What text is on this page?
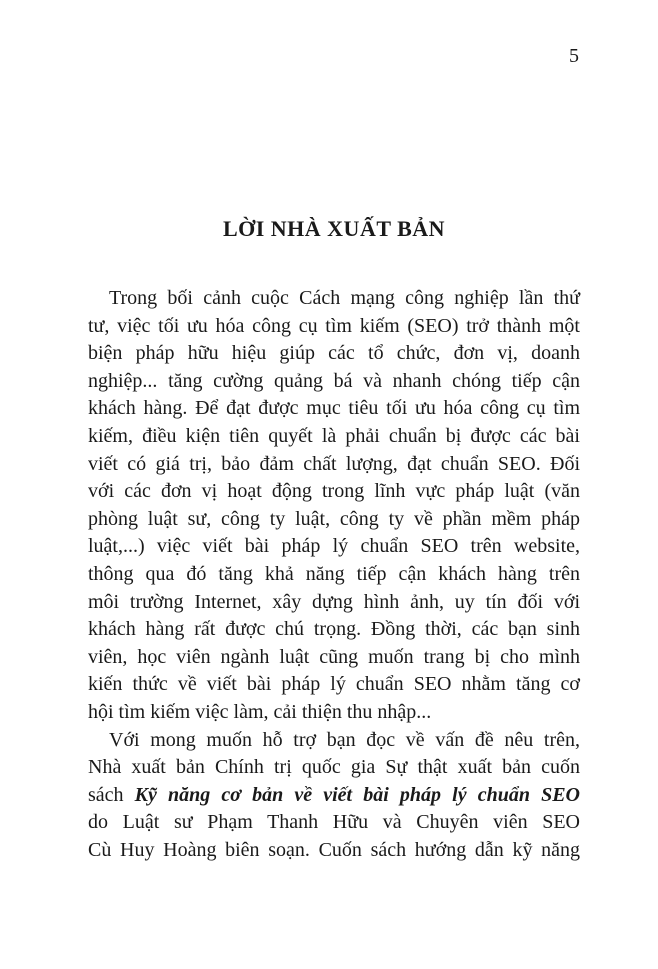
5
LỜI NHÀ XUẤT BẢN
Trong bối cảnh cuộc Cách mạng công nghiệp lần thứ
tư, việc tối ưu hóa công cụ tìm kiếm (SEO) trở thành một
biện pháp hữu hiệu giúp các tổ chức, đơn vị, doanh
nghiệp... tăng cường quảng bá và nhanh chóng tiếp cận
khách hàng. Để đạt được mục tiêu tối ưu hóa công cụ tìm
kiếm, điều kiện tiên quyết là phải chuẩn bị được các bài
viết có giá trị, bảo đảm chất lượng, đạt chuẩn SEO. Đối
với các đơn vị hoạt động trong lĩnh vực pháp luật (văn
phòng luật sư, công ty luật, công ty về phần mềm pháp
luật,...) việc viết bài pháp lý chuẩn SEO trên website,
thông qua đó tăng khả năng tiếp cận khách hàng trên
môi trường Internet, xây dựng hình ảnh, uy tín đối với
khách hàng rất được chú trọng. Đồng thời, các bạn sinh
viên, học viên ngành luật cũng muốn trang bị cho mình
kiến thức về viết bài pháp lý chuẩn SEO nhằm tăng cơ
hội tìm kiếm việc làm, cải thiện thu nhập...
Với mong muốn hỗ trợ bạn đọc về vấn đề nêu trên,
Nhà xuất bản Chính trị quốc gia Sự thật xuất bản cuốn
sách Kỹ năng cơ bản về viết bài pháp lý chuẩn SEO
do Luật sư Phạm Thanh Hữu và Chuyên viên SEO
Cù Huy Hoàng biên soạn. Cuốn sách hướng dẫn kỹ năng
